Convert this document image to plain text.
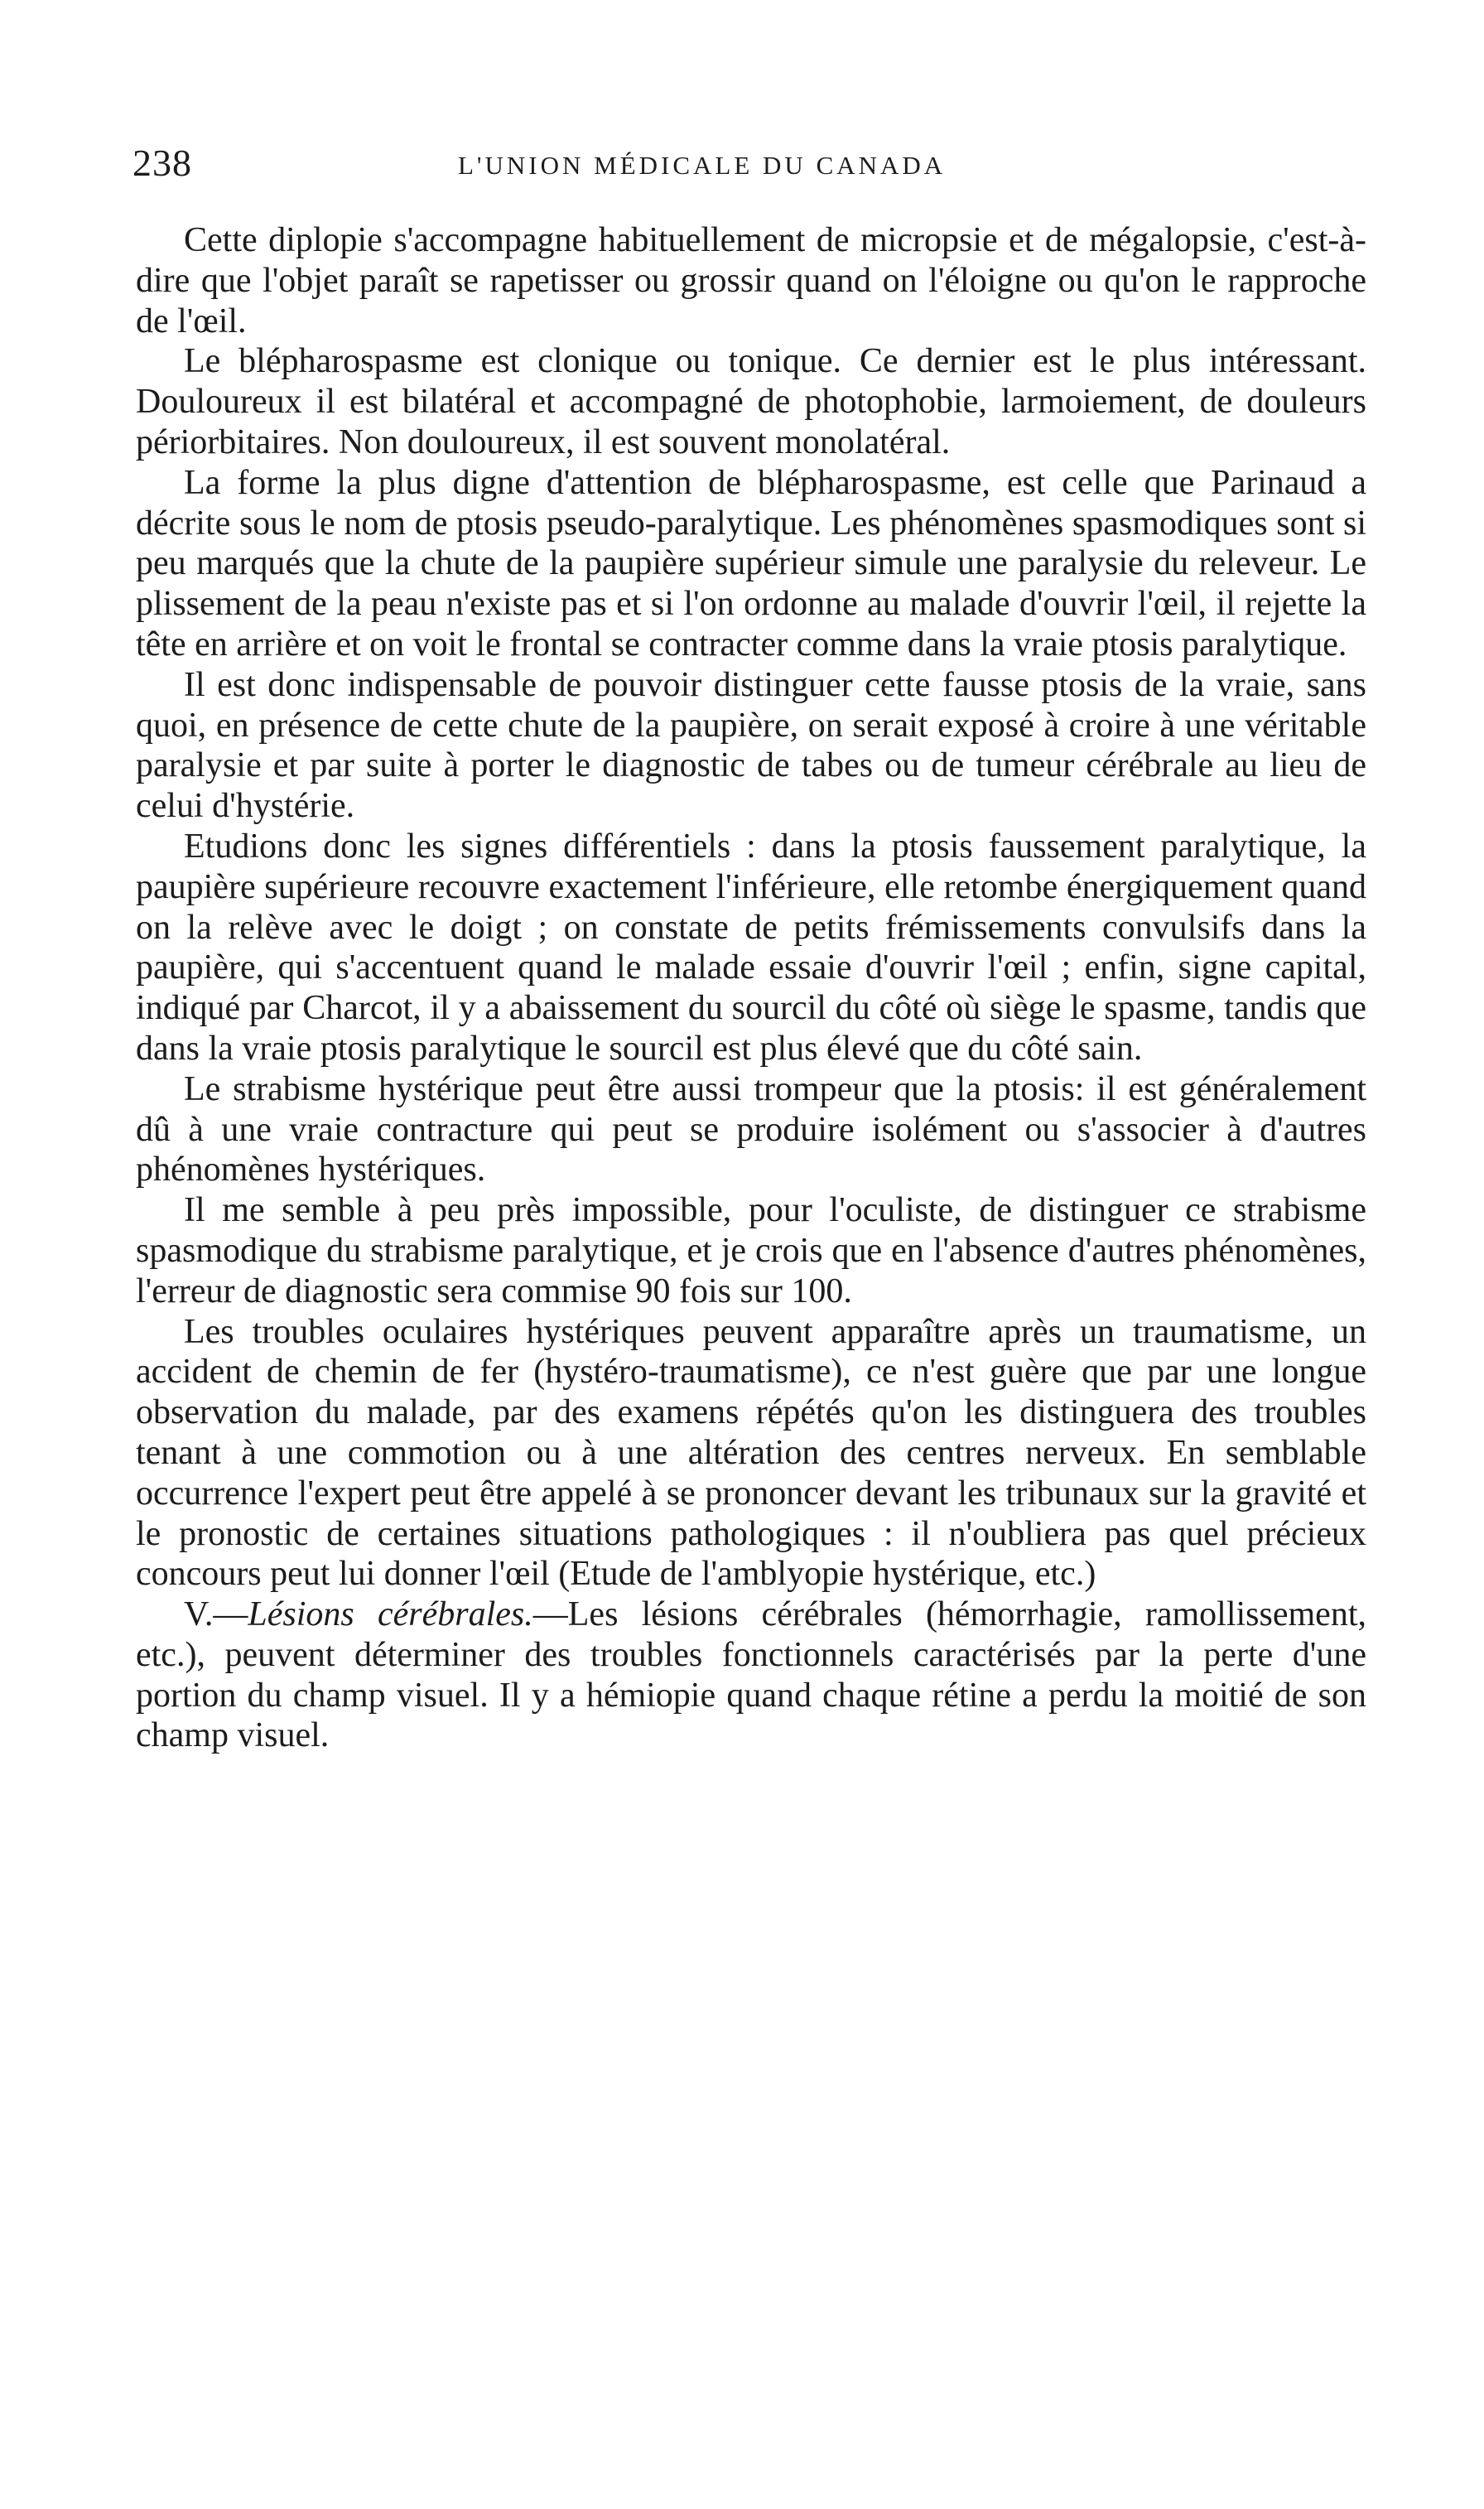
238	L'UNION MÉDICALE DU CANADA

Cette diplopie s'accompagne habituellement de micropsie et de mégalopsie, c'est-à-dire que l'objet paraît se rapetisser ou grossir quand on l'éloigne ou qu'on le rapproche de l'œil.

Le blépharospasme est clonique ou tonique. Ce dernier est le plus intéressant. Douloureux il est bilatéral et accompagné de photophobie, larmoiement, de douleurs périorbitaires. Non douloureux, il est souvent monolatéral.

La forme la plus digne d'attention de blépharospasme, est celle que Parinaud a décrite sous le nom de ptosis pseudo-paralytique. Les phénomènes spasmodiques sont si peu marqués que la chute de la paupière supérieur simule une paralysie du releveur. Le plissement de la peau n'existe pas et si l'on ordonne au malade d'ouvrir l'œil, il rejette la tête en arrière et on voit le frontal se contracter comme dans la vraie ptosis paralytique.

Il est donc indispensable de pouvoir distinguer cette fausse ptosis de la vraie, sans quoi, en présence de cette chute de la paupière, on serait exposé à croire à une véritable paralysie et par suite à porter le diagnostic de tabes ou de tumeur cérébrale au lieu de celui d'hystérie.

Etudions donc les signes différentiels : dans la ptosis faussement paralytique, la paupière supérieure recouvre exactement l'inférieure, elle retombe énergiquement quand on la relève avec le doigt ; on constate de petits frémissements convulsifs dans la paupière, qui s'accentuent quand le malade essaie d'ouvrir l'œil ; enfin, signe capital, indiqué par Charcot, il y a abaissement du sourcil du côté où siège le spasme, tandis que dans la vraie ptosis paralytique le sourcil est plus élevé que du côté sain.

Le strabisme hystérique peut être aussi trompeur que la ptosis: il est généralement dû à une vraie contracture qui peut se produire isolément ou s'associer à d'autres phénomènes hystériques.

Il me semble à peu près impossible, pour l'oculiste, de distinguer ce strabisme spasmodique du strabisme paralytique, et je crois que en l'absence d'autres phénomènes, l'erreur de diagnostic sera commise 90 fois sur 100.

Les troubles oculaires hystériques peuvent apparaître après un traumatisme, un accident de chemin de fer (hystéro-traumatisme), ce n'est guère que par une longue observation du malade, par des examens répétés qu'on les distinguera des troubles tenant à une commotion ou à une altération des centres nerveux. En semblable occurrence l'expert peut être appelé à se prononcer devant les tribunaux sur la gravité et le pronostic de certaines situations pathologiques : il n'oubliera pas quel précieux concours peut lui donner l'œil (Etude de l'amblyopie hystérique, etc.)

V.—Lésions cérébrales.—Les lésions cérébrales (hémorrhagie, ramollissement, etc.), peuvent déterminer des troubles fonctionnels caractérisés par la perte d'une portion du champ visuel. Il y a hémiopie quand chaque rétine a perdu la moitié de son champ visuel.
